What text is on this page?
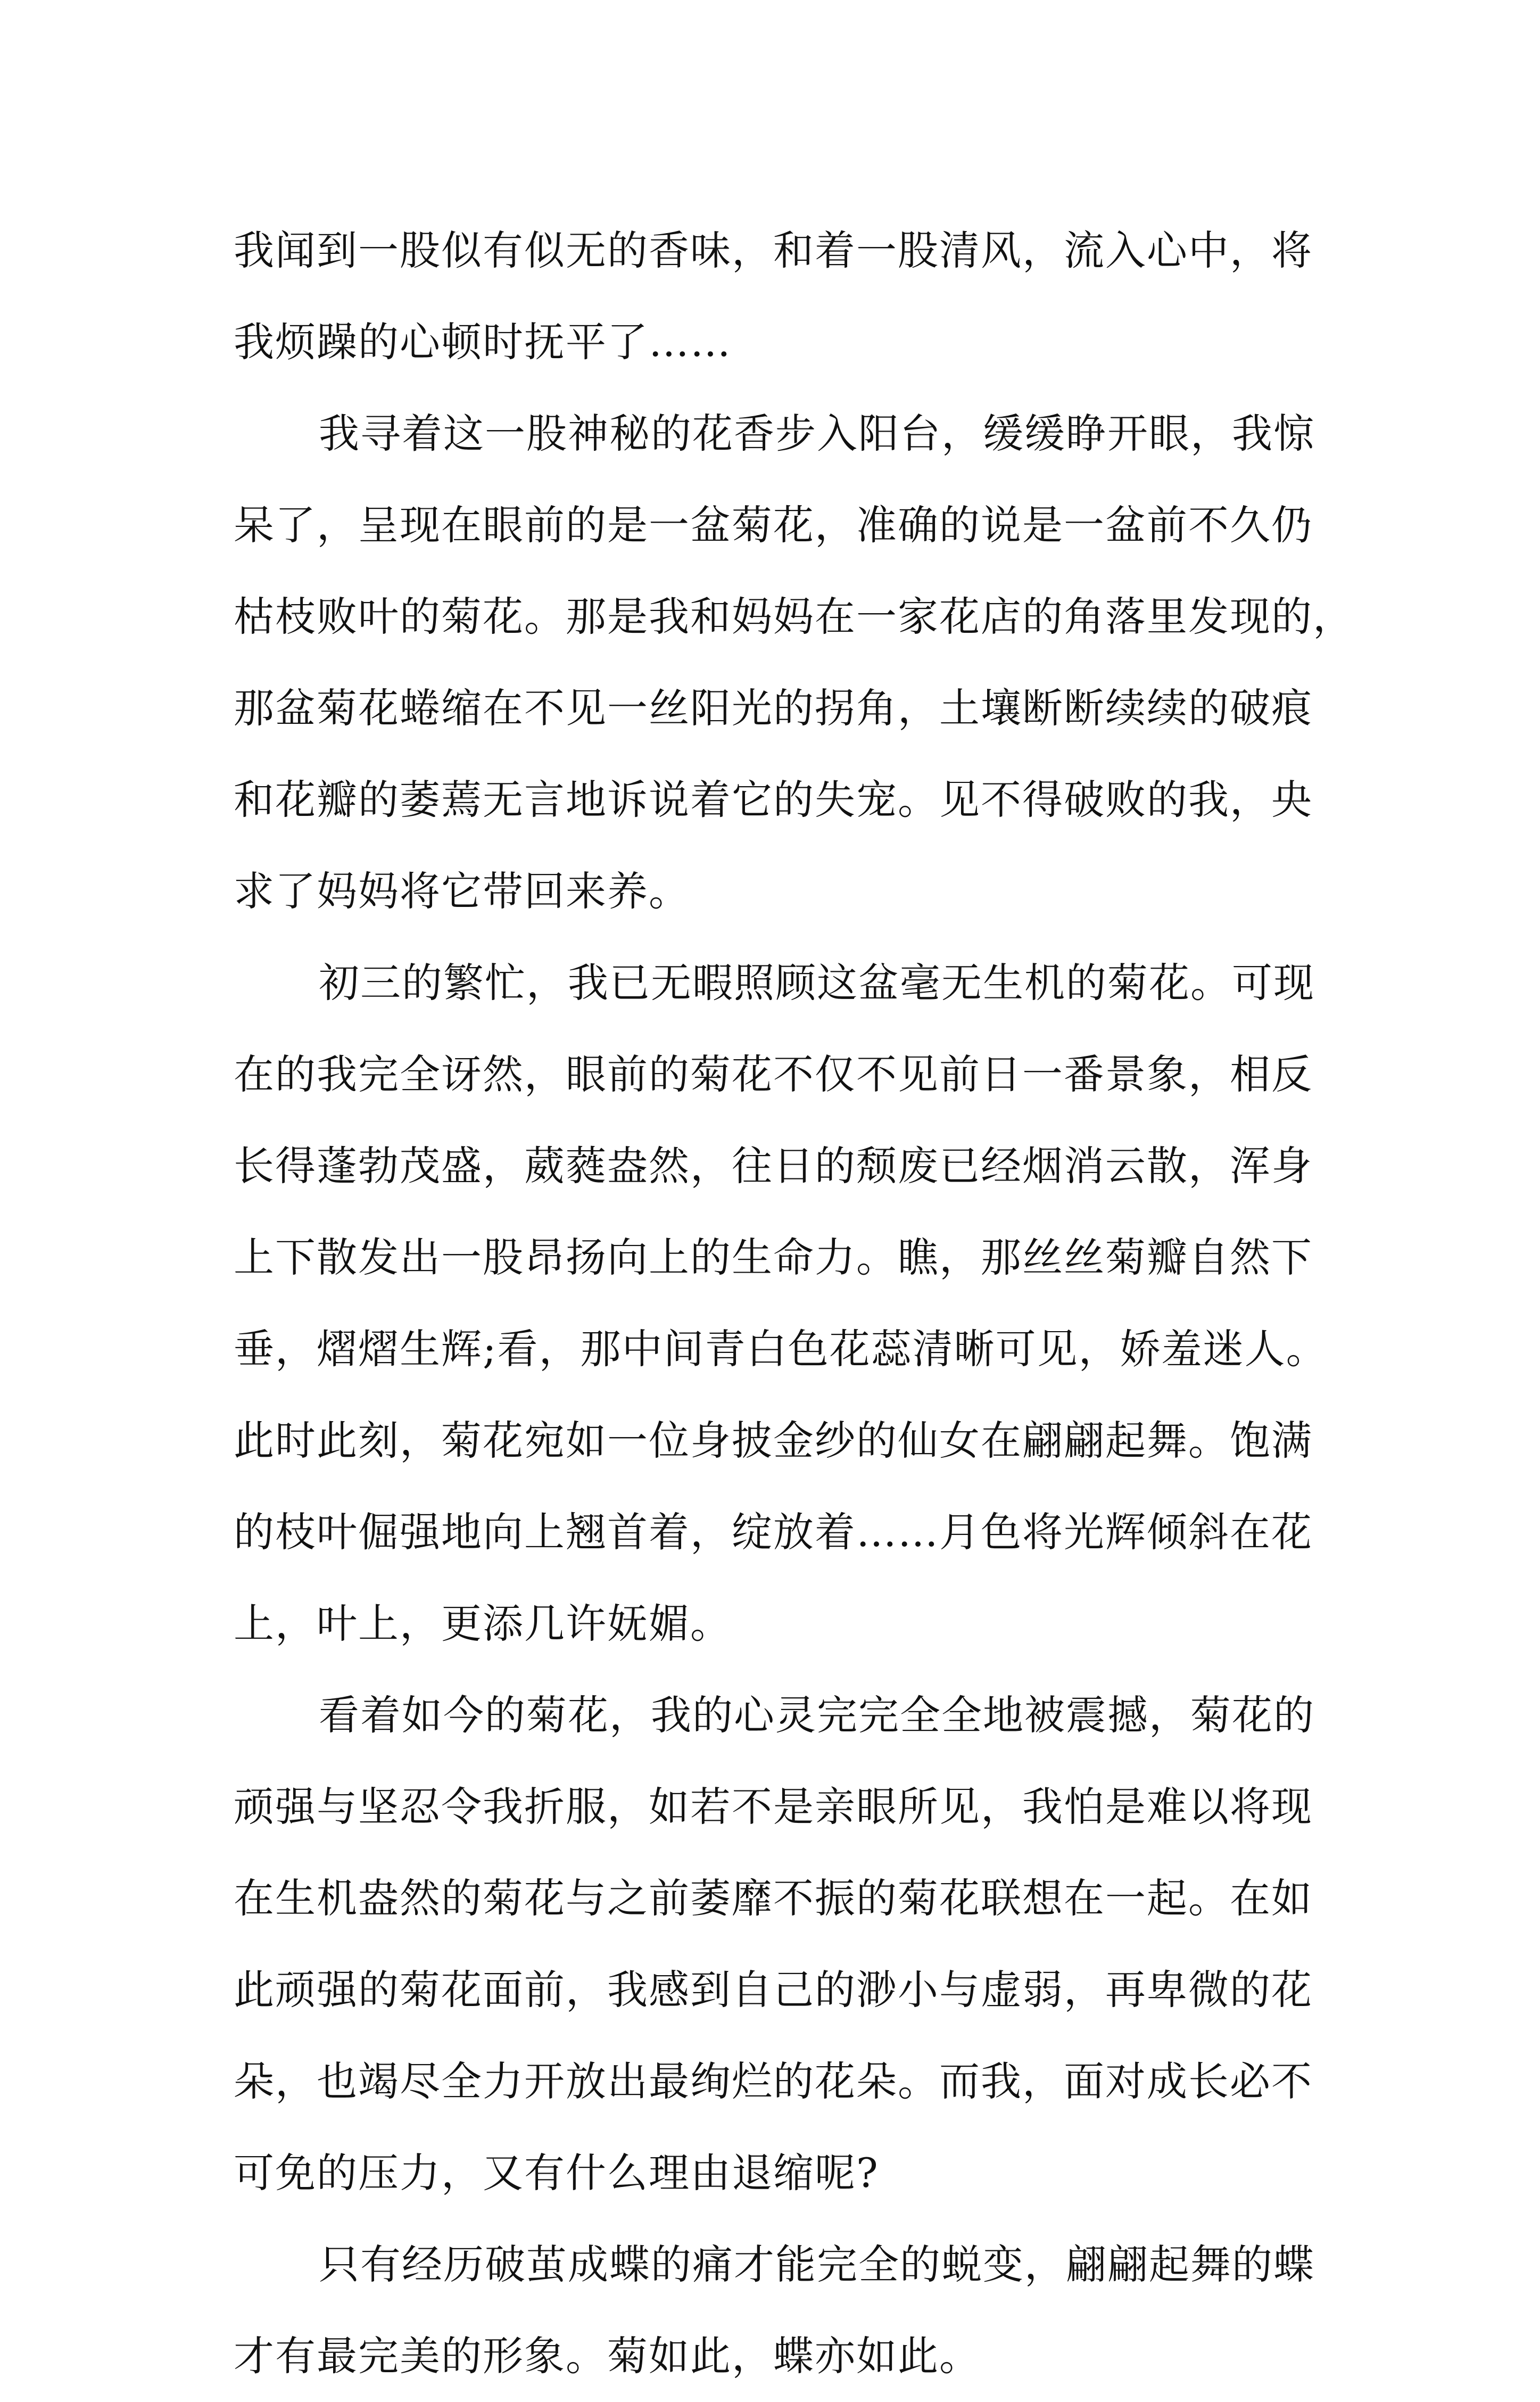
我闻到一股似有似无的香味，和着一股清风，流入心中，将
我烦躁的心顿时抚平了……
我寻着这一股神秘的花香步入阳台，缓缓睁开眼，我惊
呆了，呈现在眼前的是一盆菊花，准确的说是一盆前不久仍
枯枝败叶的菊花。那是我和妈妈在一家花店的角落里发现的，
那盆菊花蜷缩在不见一丝阳光的拐角，土壤断断续续的破痕
和花瓣的萎蔫无言地诉说着它的失宠。见不得破败的我，央
求了妈妈将它带回来养。
初三的繁忙，我已无暇照顾这盆毫无生机的菊花。可现
在的我完全讶然，眼前的菊花不仅不见前日一番景象，相反
长得蓬勃茂盛，葳蕤盎然，往日的颓废已经烟消云散，浑身
上下散发出一股昂扬向上的生命力。瞧，那丝丝菊瓣自然下
垂，熠熠生辉;看，那中间青白色花蕊清晰可见，娇羞迷人。
此时此刻，菊花宛如一位身披金纱的仙女在翩翩起舞。饱满
的枝叶倔强地向上翘首着，绽放着……月色将光辉倾斜在花
上，叶上，更添几许妩媚。
看着如今的菊花，我的心灵完完全全地被震撼，菊花的
顽强与坚忍令我折服，如若不是亲眼所见，我怕是难以将现
在生机盎然的菊花与之前萎靡不振的菊花联想在一起。在如
此顽强的菊花面前，我感到自己的渺小与虚弱，再卑微的花
朵，也竭尽全力开放出最绚烂的花朵。而我，面对成长必不
可免的压力，又有什么理由退缩呢?
只有经历破茧成蝶的痛才能完全的蜕变，翩翩起舞的蝶
才有最完美的形象。菊如此，蝶亦如此。
